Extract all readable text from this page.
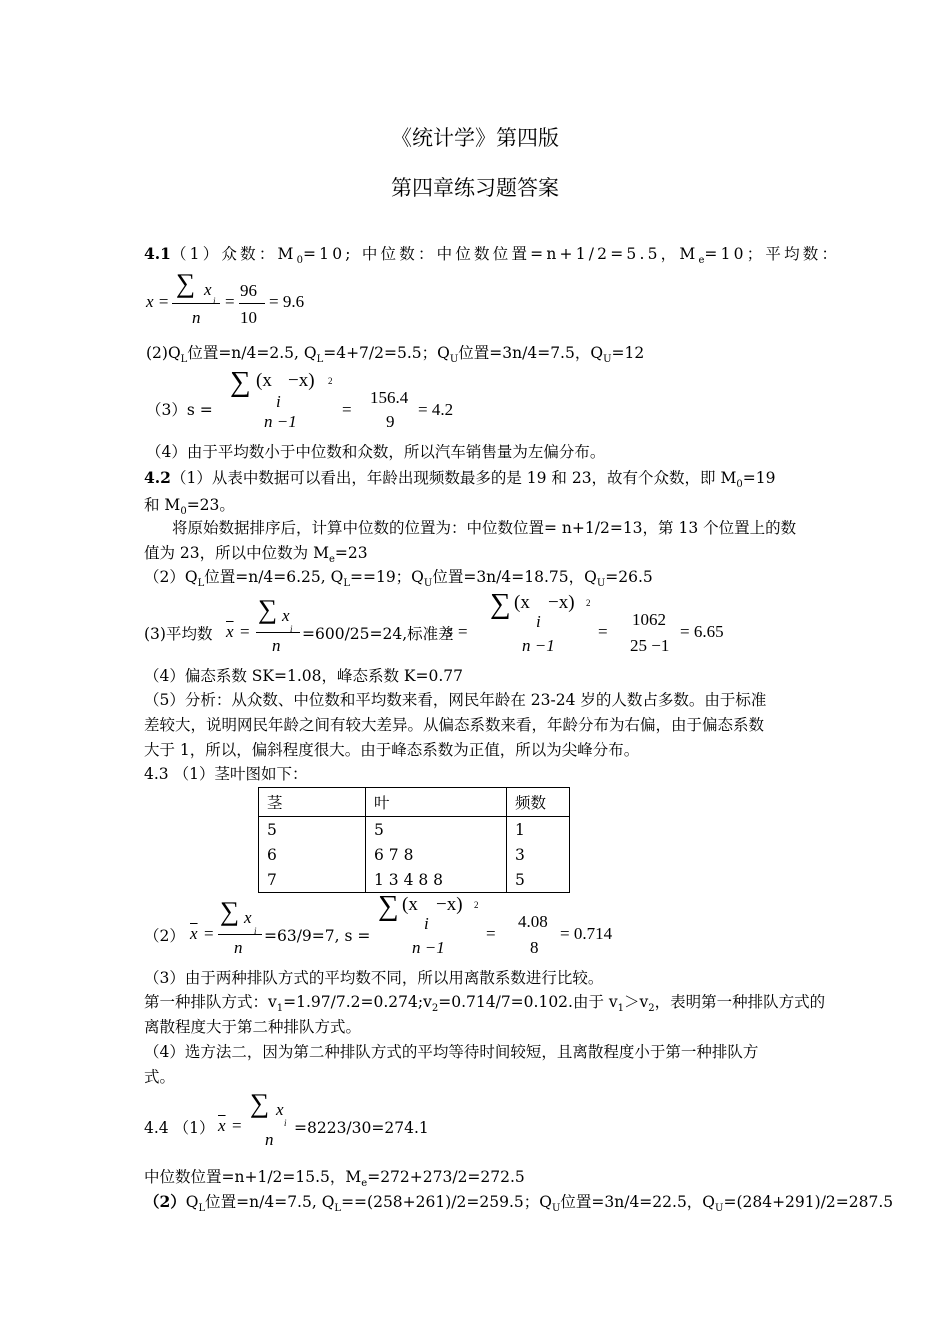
《统计学》第四版
第四章练习题答案
4.1（1）众数：$M_0=10$; 中位数：中位数位置=n+1/2=5.5，$M_e=10$；平均数：
x =
∑ x
i
n
=
96
10
= 9.6
$(2)Q_L$位置=n/4=2.5, $Q_L=4+7/2=5.5$；$Q_U$位置=3n/4=7.5，$Q_U=12$
（3）s =
∑ (x
i
−x) 2
n −1
=
156.4
9
= 4.2
（4）由于平均数小于中位数和众数，所以汽车销售量为左偏分布。
4.2（1）从表中数据可以看出，年龄出现频数最多的是 19 和 23，故有个众数，即 $M_0=19$
和 $M_0=23$。
将原始数据排序后，计算中位数的位置为：中位数位置= n+1/2=13，第 13 个位置上的数
值为 23，所以中位数为 $M_e=23$
$(2)Q_L$位置=n/4=6.25, $Q_L==19$；$Q_U$位置=3n/4=18.75，$Q_U=26.5$
(3)平均数 $\overline{x}$ =
∑ x
i
n
=600/25=24,标准差
s =
∑ (x
i
−x) 2
n −1
=
1062
25 −1
= 6.65
（4）偏态系数 SK=1.08，峰态系数 K=0.77
（5）分析：从众数、中位数和平均数来看，网民年龄在 23-24 岁的人数占多数。由于标准
差较大，说明网民年龄之间有较大差异。从偏态系数来看，年龄分布为右偏，由于偏态系数
大于 1，所以，偏斜程度很大。由于峰态系数为正值，所以为尖峰分布。
4.3 （1）茎叶图如下：
茎	叶	频数
5	5	1
6	6 7 8	3
7	1 3 4 8 8	5
（2） $\overline{x}$ =
∑ x
i
n
=63/9=7, s =
∑ (x
i
−x) 2
n −1
=
4.08
8
= 0.714
（3）由于两种排队方式的平均数不同，所以用离散系数进行比较。
第一种排队方式：$v_1=1.97/7.2=0.274;v_2=0.714/7=0.102$.由于 $v_1>v_2$，表明第一种排队方式的
离散程度大于第二种排队方式。
（4）选方法二，因为第二种排队方式的平均等待时间较短，且离散程度小于第一种排队方
式。
4.4 （1） $\overline{x}$ =
∑ x
i
n
=8223/30=274.1
中位数位置=n+1/2=15.5，$M_e=272+273/2=272.5$
$(2)Q_L$位置=n/4=7.5, $Q_L==(258+261)/2=259.5$；$Q_U$位置=3n/4=22.5，$Q_U=(284+291)/2=287.5$
